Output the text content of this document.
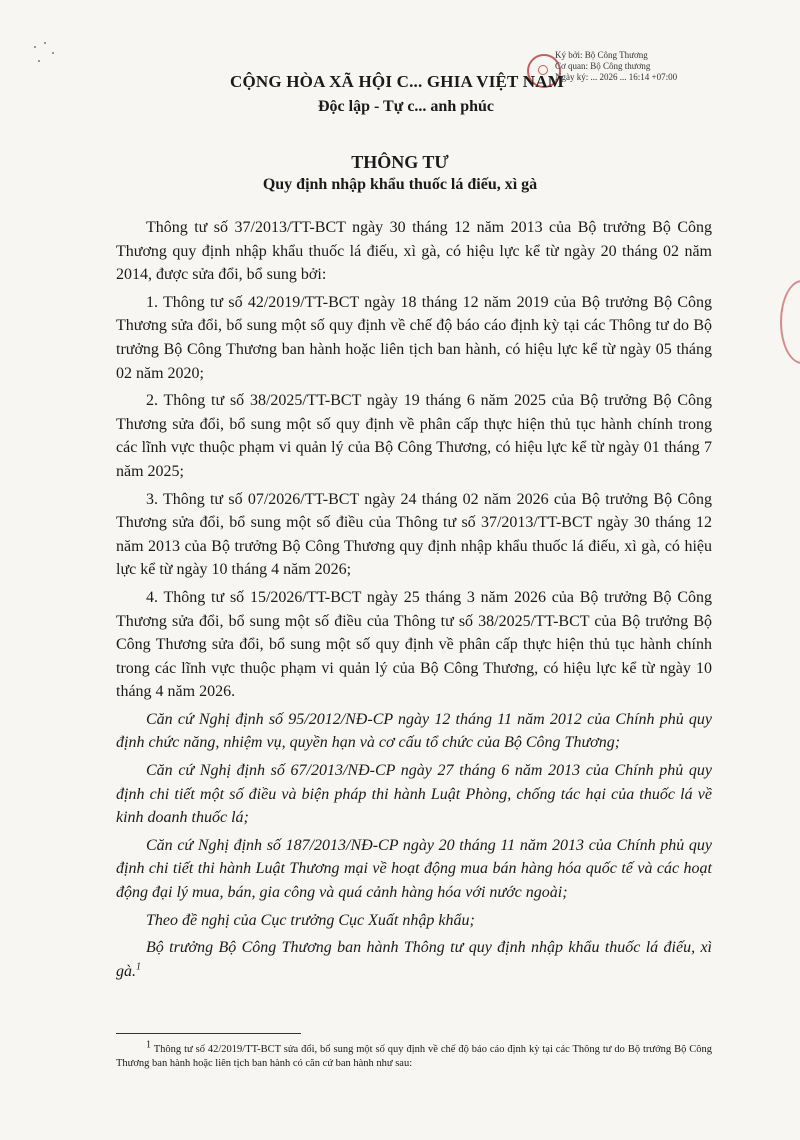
Ký bởi: Bộ Công Thương
Cơ quan: Bộ Công thương
Ngày ký: ... 2026 ... 16:14 +07:00
CỘNG HÒA XÃ HỘI C... GHIA VIỆT NAM
Độc lập - Tự c... anh phúc
THÔNG TƯ
Quy định nhập khẩu thuốc lá điếu, xì gà

Thông tư số 37/2013/TT-BCT ngày 30 tháng 12 năm 2013 của Bộ trưởng Bộ Công Thương quy định nhập khẩu thuốc lá điếu, xì gà, có hiệu lực kể từ ngày 20 tháng 02 năm 2014, được sửa đổi, bổ sung bởi:

1. Thông tư số 42/2019/TT-BCT ngày 18 tháng 12 năm 2019 của Bộ trưởng Bộ Công Thương sửa đổi, bổ sung một số quy định về chế độ báo cáo định kỳ tại các Thông tư do Bộ trưởng Bộ Công Thương ban hành hoặc liên tịch ban hành, có hiệu lực kể từ ngày 05 tháng 02 năm 2020;

2. Thông tư số 38/2025/TT-BCT ngày 19 tháng 6 năm 2025 của Bộ trưởng Bộ Công Thương sửa đổi, bổ sung một số quy định về phân cấp thực hiện thủ tục hành chính trong các lĩnh vực thuộc phạm vi quản lý của Bộ Công Thương, có hiệu lực kể từ ngày 01 tháng 7 năm 2025;

3. Thông tư số 07/2026/TT-BCT ngày 24 tháng 02 năm 2026 của Bộ trưởng Bộ Công Thương sửa đổi, bổ sung một số điều của Thông tư số 37/2013/TT-BCT ngày 30 tháng 12 năm 2013 của Bộ trưởng Bộ Công Thương quy định nhập khẩu thuốc lá điếu, xì gà, có hiệu lực kể từ ngày 10 tháng 4 năm 2026;

4. Thông tư số 15/2026/TT-BCT ngày 25 tháng 3 năm 2026 của Bộ trưởng Bộ Công Thương sửa đổi, bổ sung một số điều của Thông tư số 38/2025/TT-BCT của Bộ trưởng Bộ Công Thương sửa đổi, bổ sung một số quy định về phân cấp thực hiện thủ tục hành chính trong các lĩnh vực thuộc phạm vi quản lý của Bộ Công Thương, có hiệu lực kể từ ngày 10 tháng 4 năm 2026.

Căn cứ Nghị định số 95/2012/NĐ-CP ngày 12 tháng 11 năm 2012 của Chính phủ quy định chức năng, nhiệm vụ, quyền hạn và cơ cấu tổ chức của Bộ Công Thương;

Căn cứ Nghị định số 67/2013/NĐ-CP ngày 27 tháng 6 năm 2013 của Chính phủ quy định chi tiết một số điều và biện pháp thi hành Luật Phòng, chống tác hại của thuốc lá về kinh doanh thuốc lá;

Căn cứ Nghị định số 187/2013/NĐ-CP ngày 20 tháng 11 năm 2013 của Chính phủ quy định chi tiết thi hành Luật Thương mại về hoạt động mua bán hàng hóa quốc tế và các hoạt động đại lý mua, bán, gia công và quá cảnh hàng hóa với nước ngoài;

Theo đề nghị của Cục trưởng Cục Xuất nhập khẩu;

Bộ trưởng Bộ Công Thương ban hành Thông tư quy định nhập khẩu thuốc lá điếu, xì gà.$^1$

$^1$ Thông tư số 42/2019/TT-BCT sửa đổi, bổ sung một số quy định về chế độ báo cáo định kỳ tại các Thông tư do Bộ trưởng Bộ Công Thương ban hành hoặc liên tịch ban hành có căn cứ ban hành như sau:
